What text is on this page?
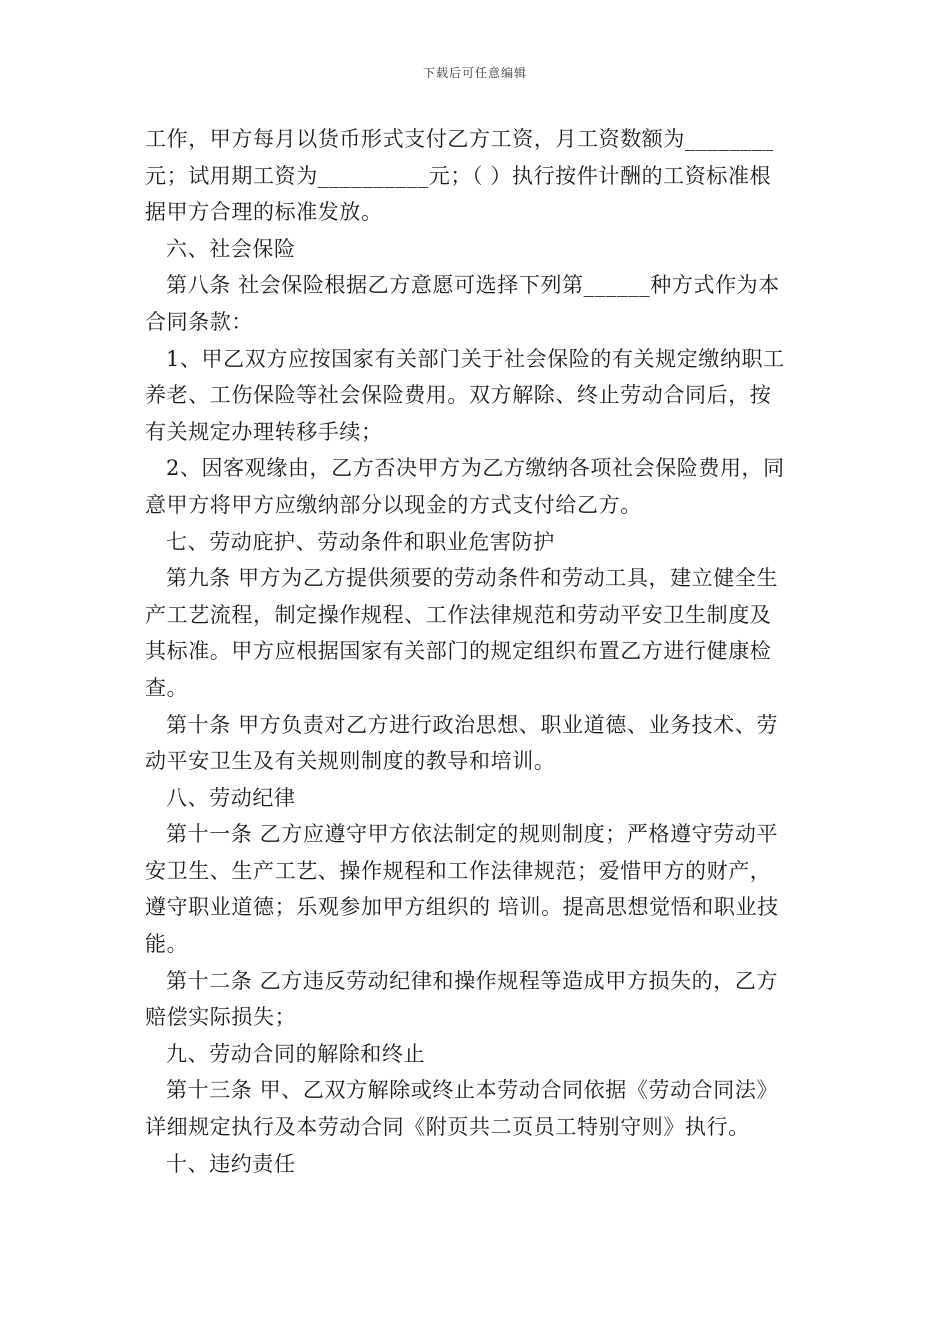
下载后可任意编辑
工作，甲方每月以货币形式支付乙方工资，月工资数额为________
元；试用期工资为__________元；（ ）执行按件计酬的工资标准根
据甲方合理的标准发放。
六、社会保险
第八条 社会保险根据乙方意愿可选择下列第______种方式作为本
合同条款：
1、甲乙双方应按国家有关部门关于社会保险的有关规定缴纳职工
养老、工伤保险等社会保险费用。双方解除、终止劳动合同后，按
有关规定办理转移手续；
2、因客观缘由，乙方否决甲方为乙方缴纳各项社会保险费用，同
意甲方将甲方应缴纳部分以现金的方式支付给乙方。
七、劳动庇护、劳动条件和职业危害防护
第九条 甲方为乙方提供须要的劳动条件和劳动工具，建立健全生
产工艺流程，制定操作规程、工作法律规范和劳动平安卫生制度及
其标准。甲方应根据国家有关部门的规定组织布置乙方进行健康检
查。
第十条 甲方负责对乙方进行政治思想、职业道德、业务技术、劳
动平安卫生及有关规则制度的教导和培训。
八、劳动纪律
第十一条 乙方应遵守甲方依法制定的规则制度；严格遵守劳动平
安卫生、生产工艺、操作规程和工作法律规范；爱惜甲方的财产，
遵守职业道德；乐观参加甲方组织的 培训。提高思想觉悟和职业技
能。
第十二条 乙方违反劳动纪律和操作规程等造成甲方损失的，乙方
赔偿实际损失；
九、劳动合同的解除和终止
第十三条 甲、乙双方解除或终止本劳动合同依据《劳动合同法》
详细规定执行及本劳动合同《附页共二页员工特别守则》执行。
十、违约责任
